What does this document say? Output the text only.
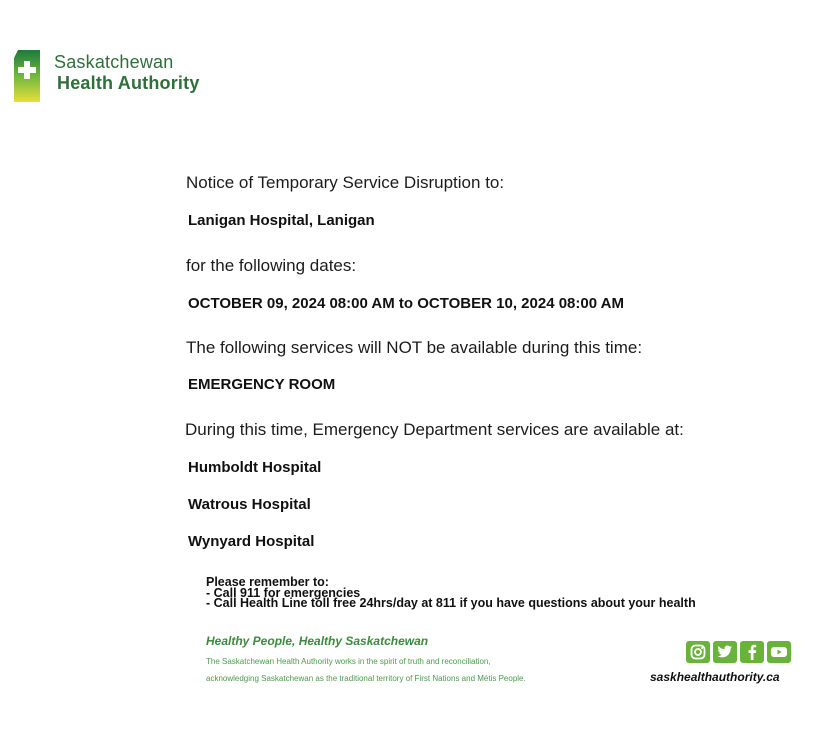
Saskatchewan
Health Authority
Notice of Temporary Service Disruption to:
Lanigan Hospital, Lanigan
for the following dates:
OCTOBER 09, 2024 08:00 AM to OCTOBER 10, 2024 08:00 AM
The following services will NOT be available during this time:
EMERGENCY ROOM
During this time, Emergency Department services are available at:
Humboldt Hospital
Watrous Hospital
Wynyard Hospital
Please remember to:
- Call 911 for emergencies
- Call Health Line toll free 24hrs/day at 811 if you have questions about your health
Healthy People, Healthy Saskatchewan
The Saskatchewan Health Authority works in the spirit of truth and reconciliation,
acknowledging Saskatchewan as the traditional territory of First Nations and Métis People.	saskhealthauthority.ca
